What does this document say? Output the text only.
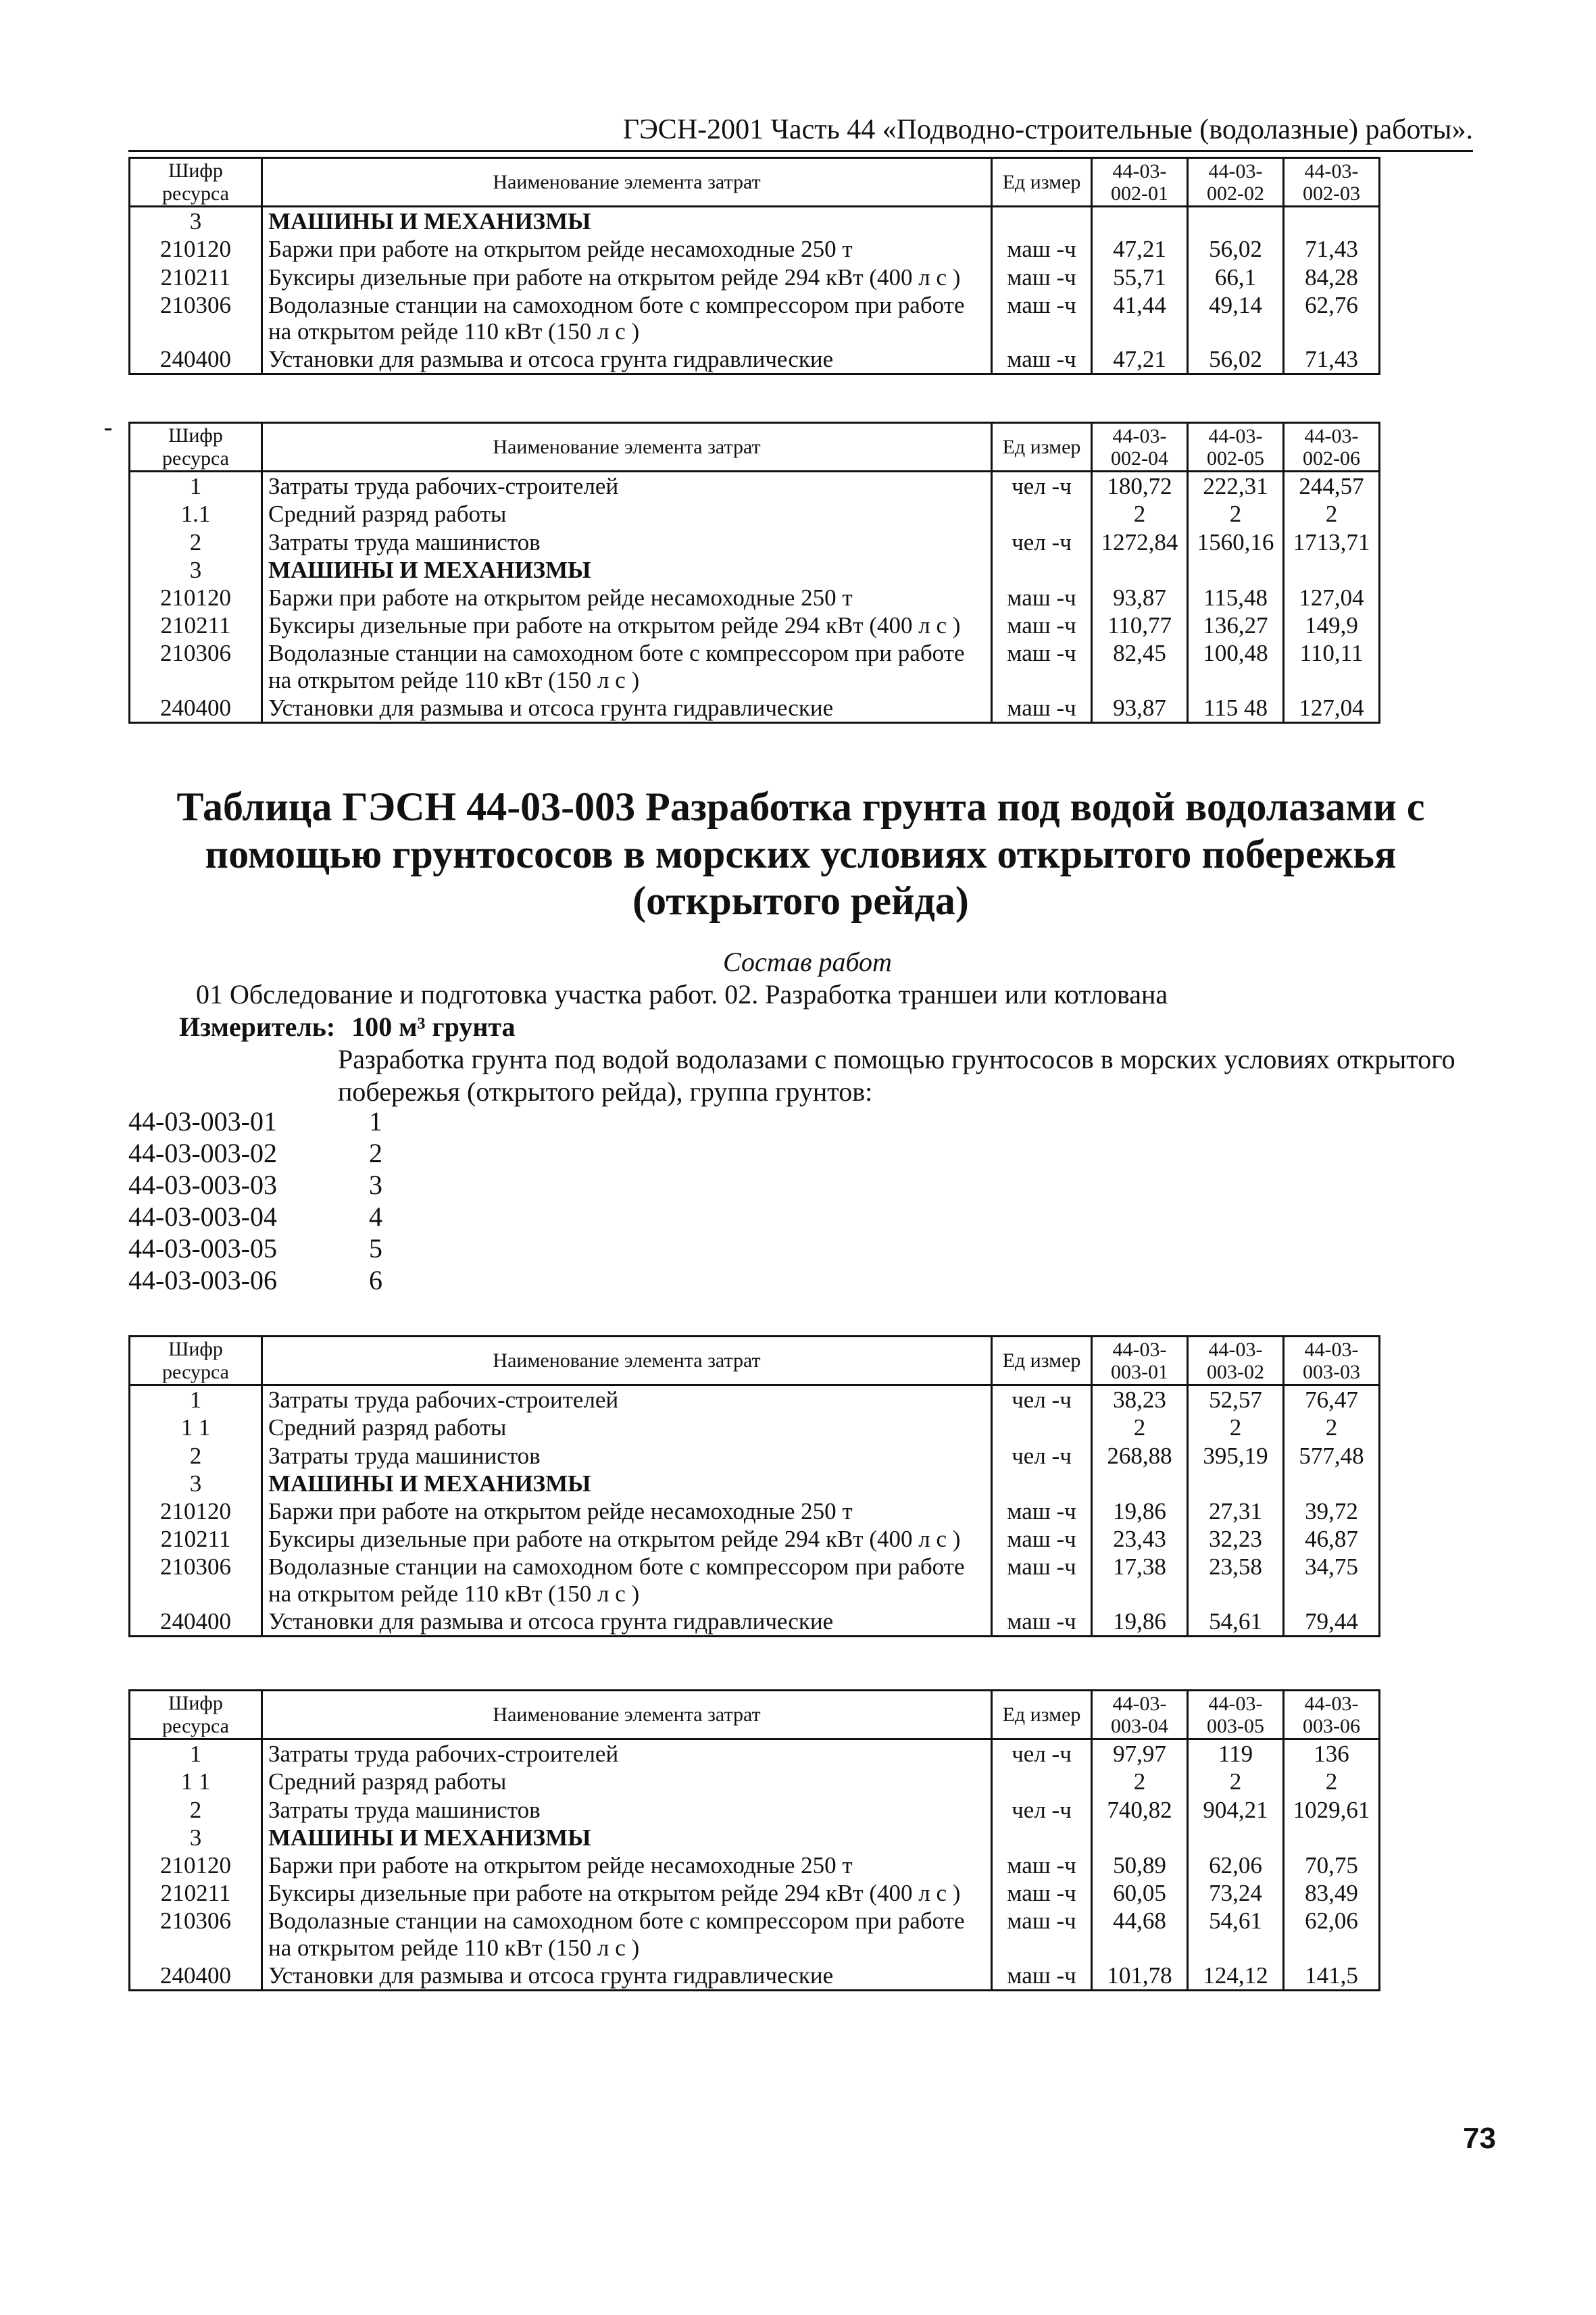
ГЭСН-2001 Часть 44 «Подводно-строительные (водолазные) работы».
Шифр ресурса	Наименование элемента затрат	Ед измер	44-03-002-01	44-03-002-02	44-03-002-03
3	МАШИНЫ И МЕХАНИЗМЫ				
210120	Баржи при работе на открытом рейде несамоходные 250 т	маш -ч	47,21	56,02	71,43
210211	Буксиры дизельные при работе на открытом рейде 294 кВт (400 л с )	маш -ч	55,71	66,1	84,28
210306	Водолазные станции на самоходном боте с компрессором при работе на открытом рейде 110 кВт (150 л с )	маш -ч	41,44	49,14	62,76
240400	Установки для размыва и отсоса грунта гидравлические	маш -ч	47,21	56,02	71,43
Шифр ресурса	Наименование элемента затрат	Ед измер	44-03-002-04	44-03-002-05	44-03-002-06
1	Затраты труда рабочих-строителей	чел -ч	180,72	222,31	244,57
1.1	Средний разряд работы		2	2	2
2	Затраты труда машинистов	чел -ч	1272,84	1560,16	1713,71
3	МАШИНЫ И МЕХАНИЗМЫ				
210120	Баржи при работе на открытом рейде несамоходные 250 т	маш -ч	93,87	115,48	127,04
210211	Буксиры дизельные при работе на открытом рейде 294 кВт (400 л с )	маш -ч	110,77	136,27	149,9
210306	Водолазные станции на самоходном боте с компрессором при работе на открытом рейде 110 кВт (150 л с )	маш -ч	82,45	100,48	110,11
240400	Установки для размыва и отсоса грунта гидравлические	маш -ч	93,87	115 48	127,04
Таблица ГЭСН 44-03-003 Разработка грунта под водой водолазами с помощью грунтососов в морских условиях открытого побережья (открытого рейда)
Состав работ
01 Обследование и подготовка участка работ. 02. Разработка траншеи или котлована
Измеритель: 100 м³ грунта
Разработка грунта под водой водолазами с помощью грунтососов в морских условиях открытого побережья (открытого рейда), группа грунтов:
44-03-003-01	1
44-03-003-02	2
44-03-003-03	3
44-03-003-04	4
44-03-003-05	5
44-03-003-06	6
Шифр ресурса	Наименование элемента затрат	Ед измер	44-03-003-01	44-03-003-02	44-03-003-03
1	Затраты труда рабочих-строителей	чел -ч	38,23	52,57	76,47
1 1	Средний разряд работы		2	2	2
2	Затраты труда машинистов	чел -ч	268,88	395,19	577,48
3	МАШИНЫ И МЕХАНИЗМЫ				
210120	Баржи при работе на открытом рейде несамоходные 250 т	маш -ч	19,86	27,31	39,72
210211	Буксиры дизельные при работе на открытом рейде 294 кВт (400 л с )	маш -ч	23,43	32,23	46,87
210306	Водолазные станции на самоходном боте с компрессором при работе на открытом рейде 110 кВт (150 л с )	маш -ч	17,38	23,58	34,75
240400	Установки для размыва и отсоса грунта гидравлические	маш -ч	19,86	54,61	79,44
Шифр ресурса	Наименование элемента затрат	Ед измер	44-03-003-04	44-03-003-05	44-03-003-06
1	Затраты труда рабочих-строителей	чел -ч	97,97	119	136
1 1	Средний разряд работы		2	2	2
2	Затраты труда машинистов	чел -ч	740,82	904,21	1029,61
3	МАШИНЫ И МЕХАНИЗМЫ				
210120	Баржи при работе на открытом рейде несамоходные 250 т	маш -ч	50,89	62,06	70,75
210211	Буксиры дизельные при работе на открытом рейде 294 кВт (400 л с )	маш -ч	60,05	73,24	83,49
210306	Водолазные станции на самоходном боте с компрессором при работе на открытом рейде 110 кВт (150 л с )	маш -ч	44,68	54,61	62,06
240400	Установки для размыва и отсоса грунта гидравлические	маш -ч	101,78	124,12	141,5
73
